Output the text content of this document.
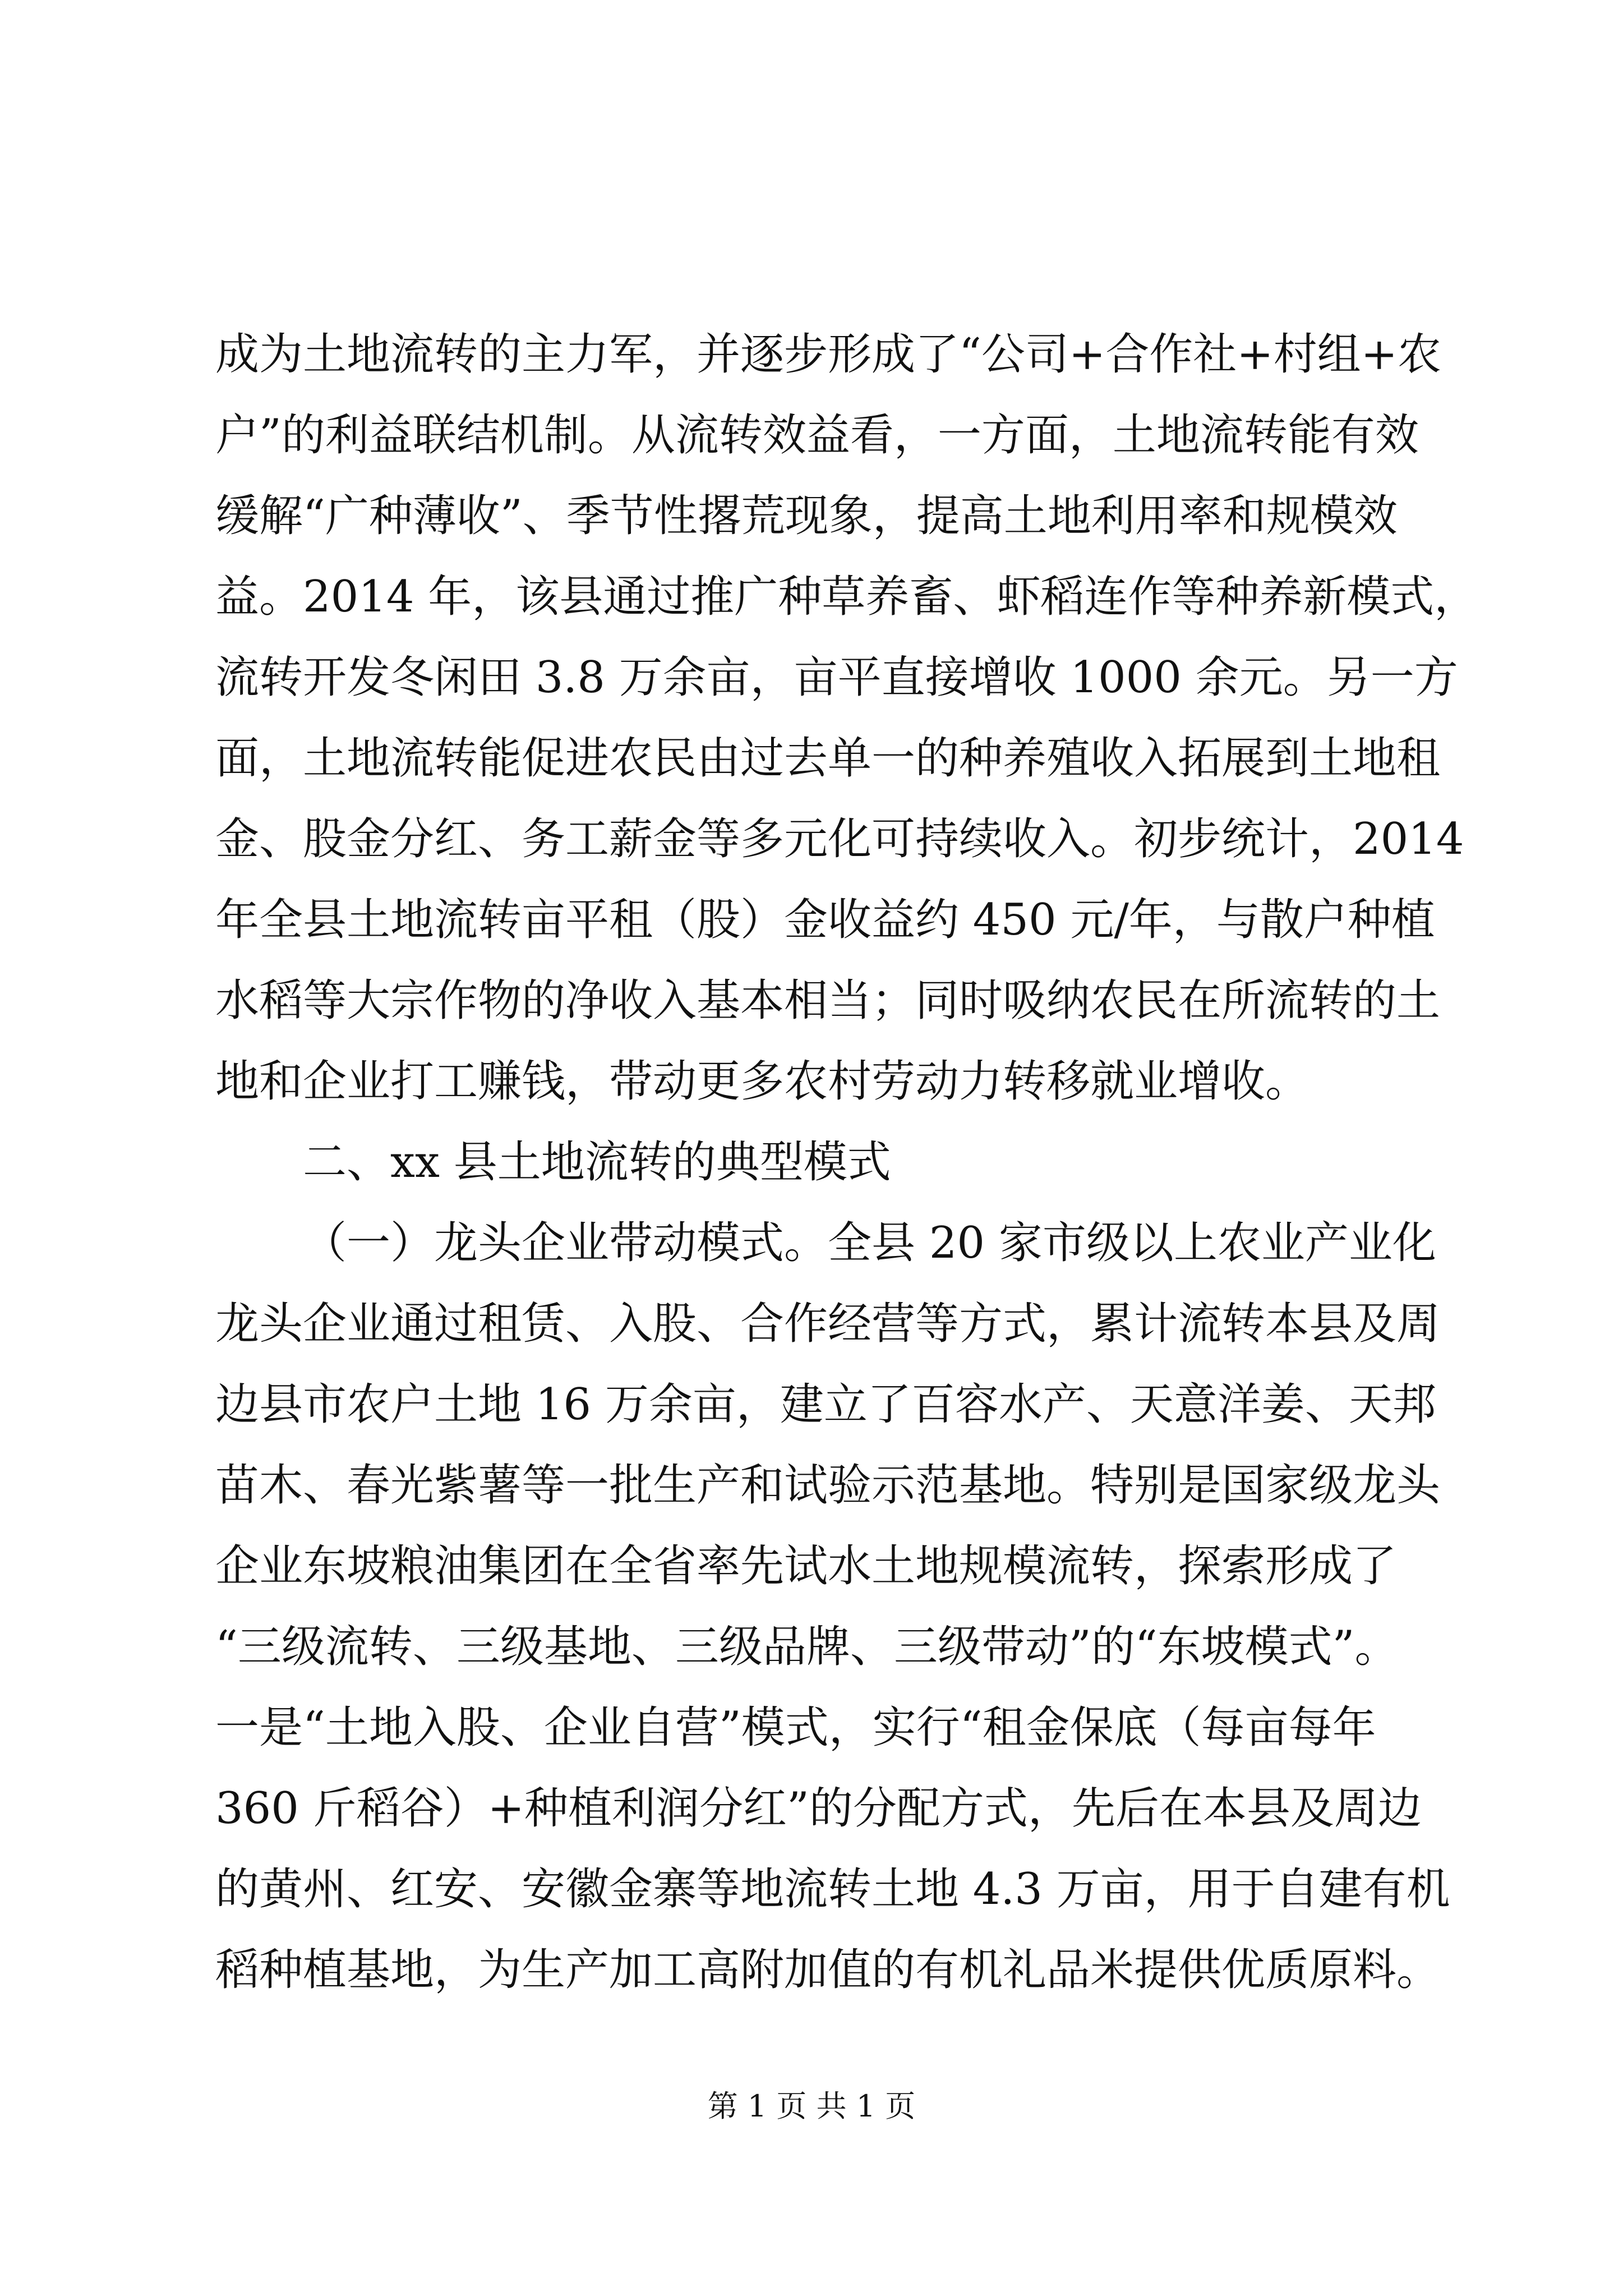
成为土地流转的主力军，并逐步形成了“公司+合作社+村组+农
户”的利益联结机制。从流转效益看，一方面，土地流转能有效
缓解“广种薄收”、季节性撂荒现象，提高土地利用率和规模效
益。2014 年，该县通过推广种草养畜、虾稻连作等种养新模式，
流转开发冬闲田 3.8 万余亩，亩平直接增收 1000 余元。另一方
面，土地流转能促进农民由过去单一的种养殖收入拓展到土地租
金、股金分红、务工薪金等多元化可持续收入。初步统计，2014
年全县土地流转亩平租（股）金收益约 450 元/年，与散户种植
水稻等大宗作物的净收入基本相当；同时吸纳农民在所流转的土
地和企业打工赚钱，带动更多农村劳动力转移就业增收。
二、xx 县土地流转的典型模式
（一）龙头企业带动模式。全县 20 家市级以上农业产业化
龙头企业通过租赁、入股、合作经营等方式，累计流转本县及周
边县市农户土地 16 万余亩，建立了百容水产、天意洋姜、天邦
苗木、春光紫薯等一批生产和试验示范基地。特别是国家级龙头
企业东坡粮油集团在全省率先试水土地规模流转，探索形成了
“三级流转、三级基地、三级品牌、三级带动”的“东坡模式”。
一是“土地入股、企业自营”模式，实行“租金保底（每亩每年
360 斤稻谷）+种植利润分红”的分配方式，先后在本县及周边
的黄州、红安、安徽金寨等地流转土地 4.3 万亩，用于自建有机
稻种植基地，为生产加工高附加值的有机礼品米提供优质原料。
第 1 页 共 1 页
